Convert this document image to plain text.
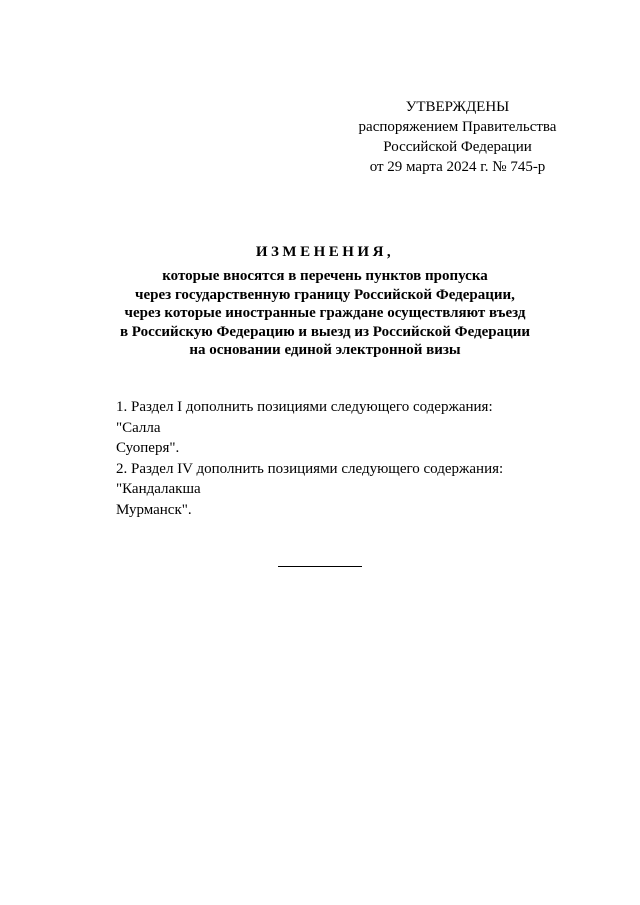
УТВЕРЖДЕНЫ
распоряжением Правительства
Российской Федерации
от 29 марта 2024 г. № 745-р
ИЗМЕНЕНИЯ,
которые вносятся в перечень пунктов пропуска
через государственную границу Российской Федерации,
через которые иностранные граждане осуществляют въезд
в Российскую Федерацию и выезд из Российской Федерации
на основании единой электронной визы
1. Раздел I дополнить позициями следующего содержания:
"Салла
Суоперя".
2. Раздел IV дополнить позициями следующего содержания:
"Кандалакша
Мурманск".
